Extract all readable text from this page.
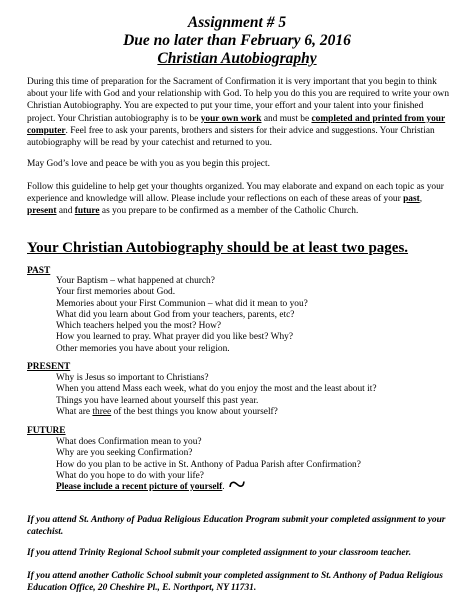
Assignment # 5
Due no later than February 6, 2016
Christian Autobiography

During this time of preparation for the Sacrament of Confirmation it is very important that you begin to think about your life with God and your relationship with God. To help you do this you are required to write your own Christian Autobiography. You are expected to put your time, your effort and your talent into your finished project. Your Christian autobiography is to be your own work and must be completed and printed from your computer. Feel free to ask your parents, brothers and sisters for their advice and suggestions. Your Christian autobiography will be read by your catechist and returned to you.

May God’s love and peace be with you as you begin this project.

Follow this guideline to help get your thoughts organized. You may elaborate and expand on each topic as your experience and knowledge will allow. Please include your reflections on each of these areas of your past, present and future as you prepare to be confirmed as a member of the Catholic Church.

Your Christian Autobiography should be at least two pages.
PAST
Your Baptism – what happened at church?
Your first memories about God.
Memories about your First Communion – what did it mean to you?
What did you learn about God from your teachers, parents, etc?
Which teachers helped you the most? How?
How you learned to pray. What prayer did you like best? Why?
Other memories you have about your religion.
PRESENT
Why is Jesus so important to Christians?
When you attend Mass each week, what do you enjoy the most and the least about it?
Things you have learned about yourself this past year.
What are three of the best things you know about yourself?
FUTURE
What does Confirmation mean to you?
Why are you seeking Confirmation?
How do you plan to be active in St. Anthony of Padua Parish after Confirmation?
What do you hope to do with your life?
Please include a recent picture of yourself. ~

If you attend St. Anthony of Padua Religious Education Program submit your completed assignment to your catechist.

If you attend Trinity Regional School submit your completed assignment to your classroom teacher.

If you attend another Catholic School submit your completed assignment to St. Anthony of Padua Religious Education Office, 20 Cheshire Pl., E. Northport, NY 11731.
